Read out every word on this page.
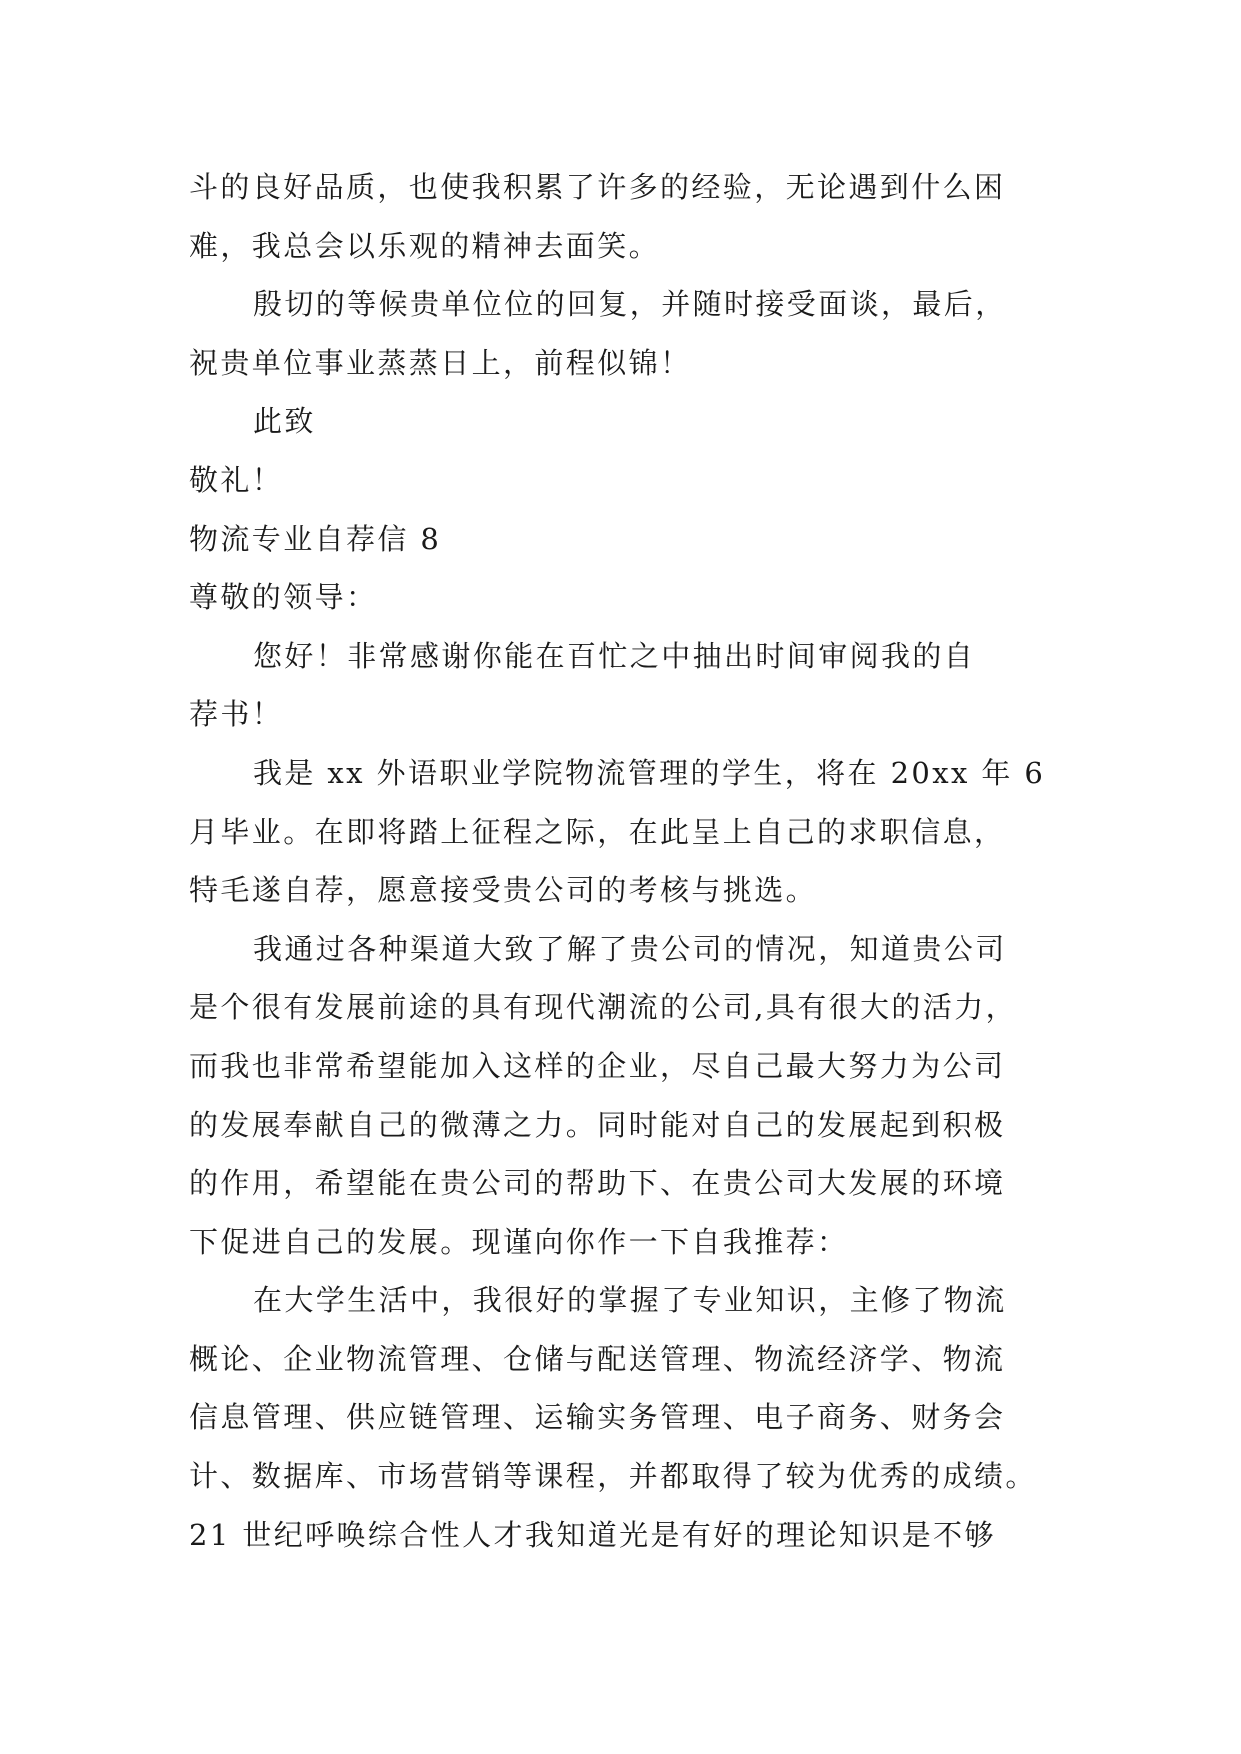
斗的良好品质，也使我积累了许多的经验，无论遇到什么困
难，我总会以乐观的精神去面笑。
殷切的等候贵单位位的回复，并随时接受面谈，最后，
祝贵单位事业蒸蒸日上，前程似锦！
此致
敬礼！
物流专业自荐信 8
尊敬的领导：
您好！非常感谢你能在百忙之中抽出时间审阅我的自
荐书！
我是 xx 外语职业学院物流管理的学生，将在 20xx 年 6
月毕业。在即将踏上征程之际，在此呈上自己的求职信息，
特毛遂自荐，愿意接受贵公司的考核与挑选。
我通过各种渠道大致了解了贵公司的情况，知道贵公司
是个很有发展前途的具有现代潮流的公司,具有很大的活力，
而我也非常希望能加入这样的企业，尽自己最大努力为公司
的发展奉献自己的微薄之力。同时能对自己的发展起到积极
的作用，希望能在贵公司的帮助下、在贵公司大发展的环境
下促进自己的发展。现谨向你作一下自我推荐：
在大学生活中，我很好的掌握了专业知识，主修了物流
概论、企业物流管理、仓储与配送管理、物流经济学、物流
信息管理、供应链管理、运输实务管理、电子商务、财务会
计、数据库、市场营销等课程，并都取得了较为优秀的成绩。
21 世纪呼唤综合性人才我知道光是有好的理论知识是不够
